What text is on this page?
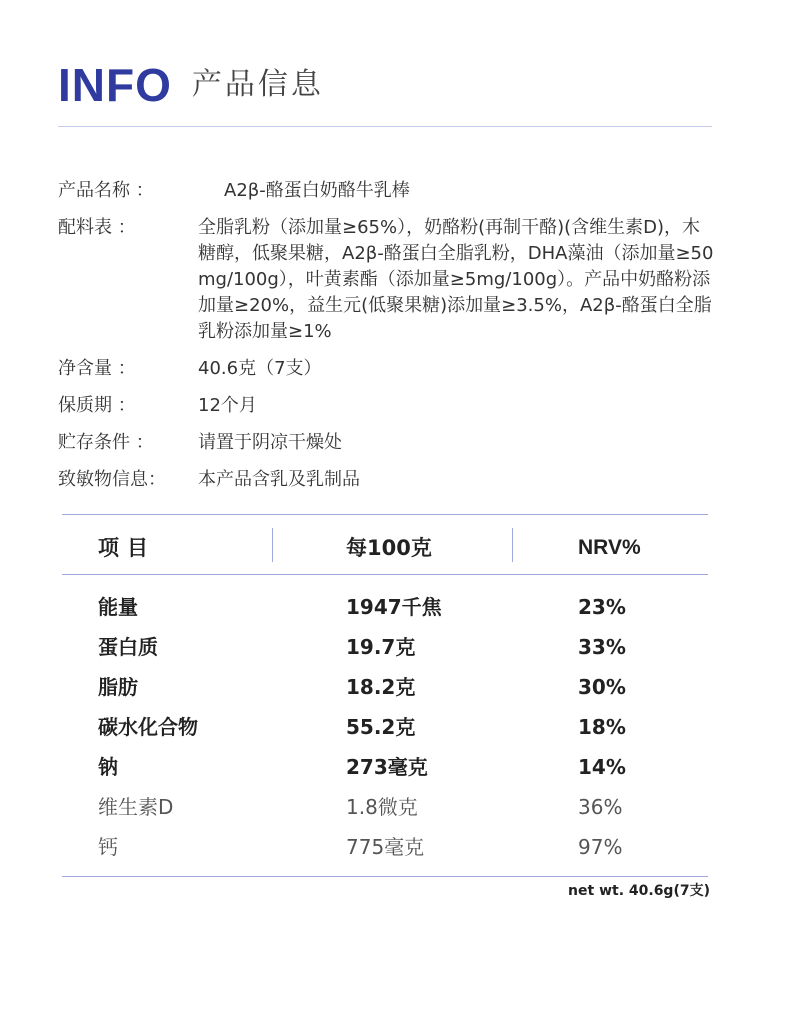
INFO 产品信息
产品名称 ：	A2β-酪蛋白奶酪牛乳棒
配料表 ：	全脂乳粉（添加量≥65%），奶酪粉(再制干酪)(含维生素D)，木糖醇，低聚果糖，A2β-酪蛋白全脂乳粉，DHA藻油（添加量≥50mg/100g），叶黄素酯（添加量≥5mg/100g）。产品中奶酪粉添加量≥20%，益生元(低聚果糖)添加量≥3.5%，A2β-酪蛋白全脂乳粉添加量≥1%
净含量 ：	40.6克（7支）
保质期 ：	12个月
贮存条件 ：	请置于阴凉干燥处
致敏物信息：	本产品含乳及乳制品
项目	每100克	NRV%
能量	1947千焦	23%
蛋白质	19.7克	33%
脂肪	18.2克	30%
碳水化合物	55.2克	18%
钠	273毫克	14%
维生素D	1.8微克	36%
钙	775毫克	97%
net wt. 40.6g(7支)
